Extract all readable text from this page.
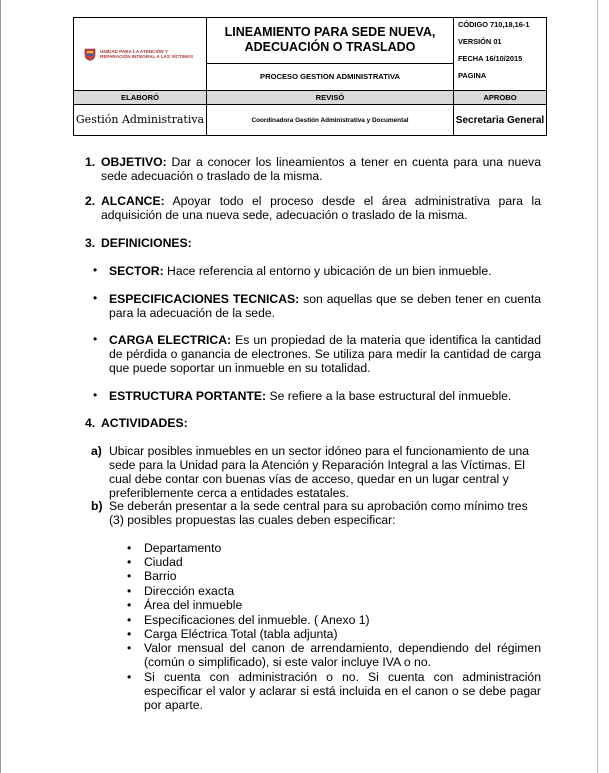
UNIDAD PARA LA ATENCIÓN Y REPARACIÓN INTEGRAL A LAS VÍCTIMAS	LINEAMIENTO PARA SEDE NUEVA, ADECUACIÓN O TRASLADO	CÓDIGO 710,18,16-1
VERSIÓN 01
FECHA 16/10/2015
PAGINA

	PROCESO GESTION ADMINISTRATIVA	
ELABORÓ	REVISÓ	APROBO
Gestión Administrativa	Coordinadora Gestión Administrativa y Documental	Secretaria General
1. OBJETIVO: Dar a conocer los lineamientos a tener en cuenta para una nueva sede adecuación o traslado de la misma.
2. ALCANCE: Apoyar todo el proceso desde el área administrativa para la adquisición de una nueva sede, adecuación o traslado de la misma.
3. DEFINICIONES:
• SECTOR: Hace referencia al entorno y ubicación de un bien inmueble.
• ESPECIFICACIONES TECNICAS: son aquellas que se deben tener en cuenta para la adecuación de la sede.
• CARGA ELECTRICA: Es un propiedad de la materia que identifica la cantidad de pérdida o ganancia de electrones. Se utiliza para medir la cantidad de carga que puede soportar un inmueble en su totalidad.
• ESTRUCTURA PORTANTE: Se refiere a la base estructural del inmueble.
4. ACTIVIDADES:
a) Ubicar posibles inmuebles en un sector idóneo para el funcionamiento de una sede para la Unidad para la Atención y Reparación Integral a las Víctimas. El cual debe contar con buenas vías de acceso, quedar en un lugar central y preferiblemente cerca a entidades estatales.
b) Se deberán presentar a la sede central para su aprobación como mínimo tres (3) posibles propuestas las cuales deben especificar:
• Departamento
• Ciudad
• Barrio
• Dirección exacta
• Área del inmueble
• Especificaciones del inmueble. ( Anexo 1)
• Carga Eléctrica Total (tabla adjunta)
• Valor mensual del canon de arrendamiento, dependiendo del régimen (común o simplificado), si este valor incluye IVA o no.
• Si cuenta con administración o no. Si cuenta con administración especificar el valor y aclarar si está incluida en el canon o se debe pagar por aparte.
